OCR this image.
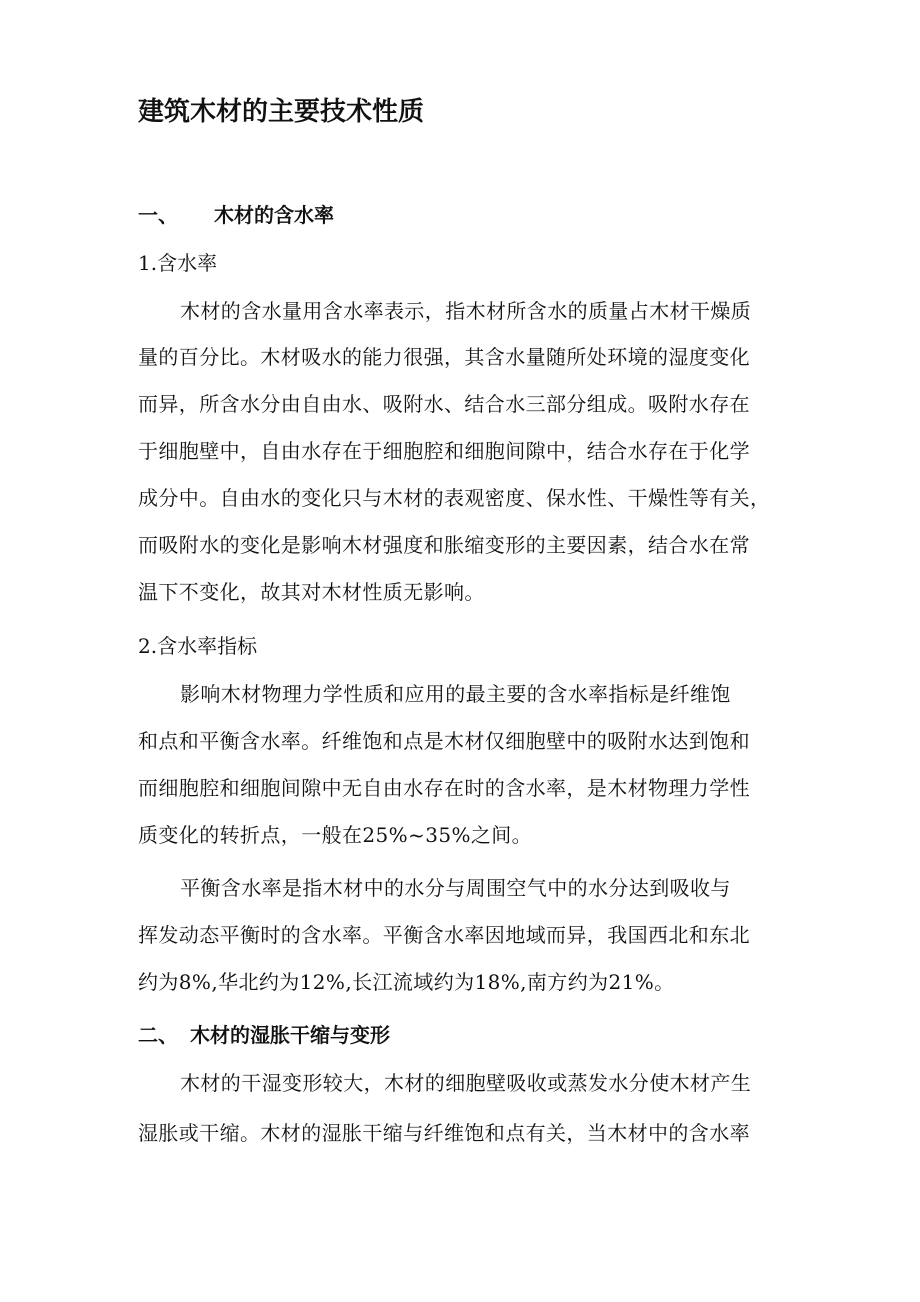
建筑木材的主要技术性质
一、 木材的含水率
1.含水率
木材的含水量用含水率表示，指木材所含水的质量占木材干燥质
量的百分比。木材吸水的能力很强，其含水量随所处环境的湿度变化
而异，所含水分由自由水、吸附水、结合水三部分组成。吸附水存在
于细胞壁中，自由水存在于细胞腔和细胞间隙中，结合水存在于化学
成分中。自由水的变化只与木材的表观密度、保水性、干燥性等有关，
而吸附水的变化是影响木材强度和胀缩变形的主要因素，结合水在常
温下不变化，故其对木材性质无影响。
2.含水率指标
影响木材物理力学性质和应用的最主要的含水率指标是纤维饱
和点和平衡含水率。纤维饱和点是木材仅细胞壁中的吸附水达到饱和
而细胞腔和细胞间隙中无自由水存在时的含水率，是木材物理力学性
质变化的转折点，一般在25%~35%之间。
平衡含水率是指木材中的水分与周围空气中的水分达到吸收与
挥发动态平衡时的含水率。平衡含水率因地域而异，我国西北和东北
约为8%,华北约为12%,长江流域约为18%,南方约为21%。
二、 木材的湿胀干缩与变形
木材的干湿变形较大，木材的细胞壁吸收或蒸发水分使木材产生
湿胀或干缩。木材的湿胀干缩与纤维饱和点有关，当木材中的含水率
